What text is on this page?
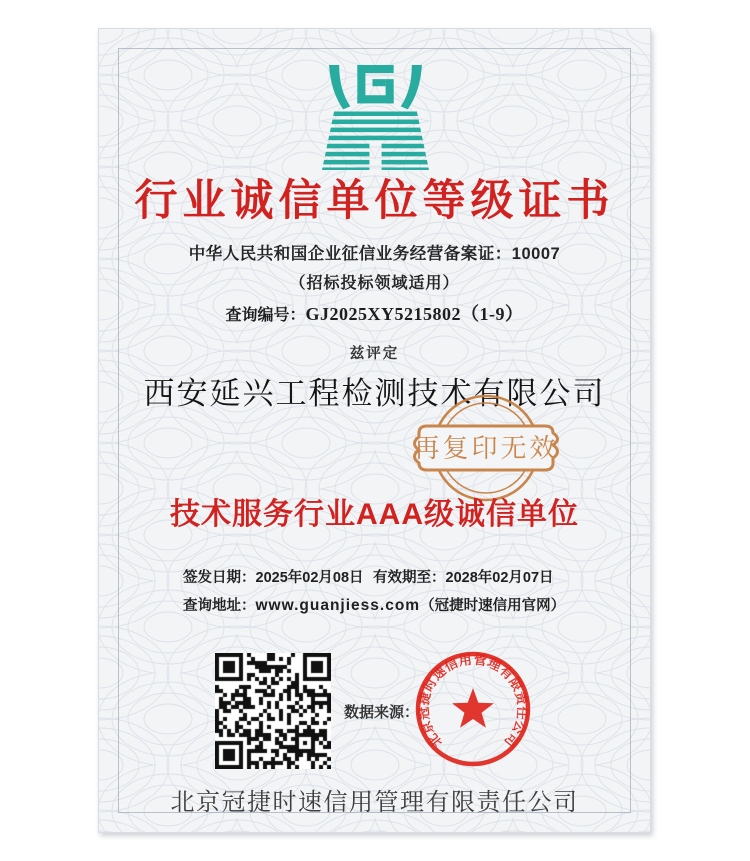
行业诚信单位等级证书
中华人民共和国企业征信业务经营备案证：10007
（招标投标领域适用）
查询编号：GJ2025XY5215802（1-9）
兹评定
西安延兴工程检测技术有限公司
再复印无效
技术服务行业AAA级诚信单位
签发日期：2025年02月08日 有效期至：2028年02月07日
查询地址：www.guanjiess.com（冠捷时速信用官网）
数据来源：
北京冠捷时速信用管理有限责任公司
北京冠捷时速信用管理有限责任公司
